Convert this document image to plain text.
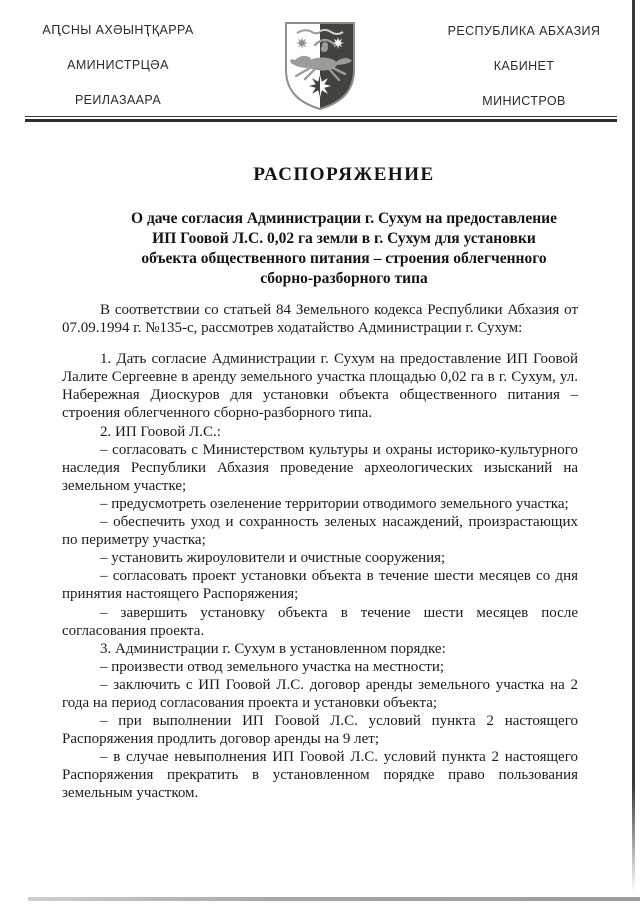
АԤСНЫ АХӘЫНҬҚАРРА
АМИНИСТРЦӘА
РЕИЛАЗААРА
РЕСПУБЛИКА АБХАЗИЯ
КАБИНЕТ
МИНИСТРОВ
РАСПОРЯЖЕНИЕ
О даче согласия Администрации г. Сухум на предоставление
ИП Гоовой Л.С. 0,02 га земли в г. Сухум для установки
объекта общественного питания – строения облегченного
сборно-разборного типа

В соответствии со статьей 84 Земельного кодекса Республики Абхазия от 07.09.1994 г. №135-с, рассмотрев ходатайство Администрации г. Сухум:

1. Дать согласие Администрации г. Сухум на предоставление ИП Гоовой Лалите Сергеевне в аренду земельного участка площадью 0,02 га в г. Сухум, ул. Набережная Диоскуров для установки объекта общественного питания – строения облегченного сборно-разборного типа.

2. ИП Гоовой Л.С.:

– согласовать с Министерством культуры и охраны историко-культурного наследия Республики Абхазия проведение археологических изысканий на земельном участке;

– предусмотреть озеленение территории отводимого земельного участка;

– обеспечить уход и сохранность зеленых насаждений, произрастающих по периметру участка;

– установить жироуловители и очистные сооружения;

– согласовать проект установки объекта в течение шести месяцев со дня принятия настоящего Распоряжения;

– завершить установку объекта в течение шести месяцев после согласования проекта.

3. Администрации г. Сухум в установленном порядке:

– произвести отвод земельного участка на местности;

– заключить с ИП Гоовой Л.С. договор аренды земельного участка на 2 года на период согласования проекта и установки объекта;

– при выполнении ИП Гоовой Л.С. условий пункта 2 настоящего Распоряжения продлить договор аренды на 9 лет;

– в случае невыполнения ИП Гоовой Л.С. условий пункта 2 настоящего Распоряжения прекратить в установленном порядке право пользования земельным участком.
